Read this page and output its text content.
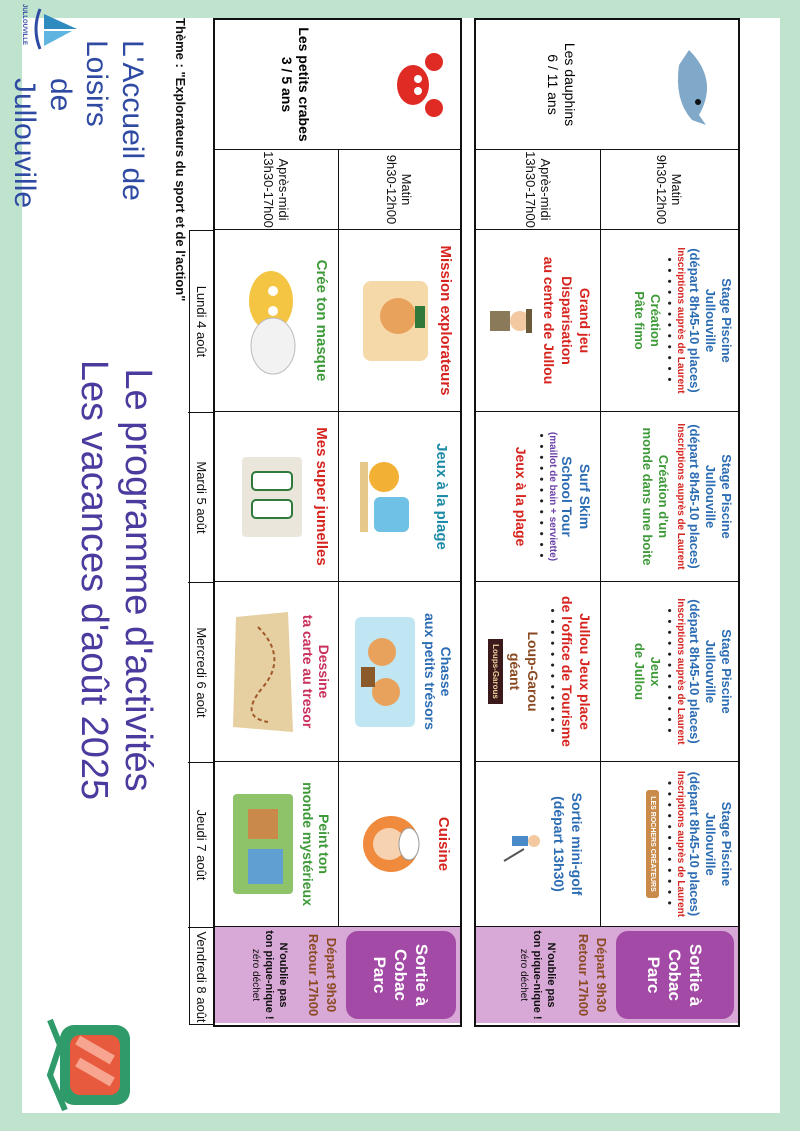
L'Accueil de Loisirs
de Jullouville
JULLOUVILLE
Le programme d'activités
Les vacances d'août 2025
Thème : "Explorateurs du sport et de l'action"
Lundi 4 août
Mardi 5 août
Mercredi 6 août
Jeudi 7 août
Vendredi 8 août
Les petits crabes
3 / 5 ans
Matin
9h30-12h00
Après-midi
13h30-17h00
Mission explorateurs
Jeux à la plage
Chasse
aux petits trésors
Cuisine
Crée ton masque
Mes super jumelles
Dessine
ta carte au tresor
Peint ton
monde mystérieux
Sortie à
Cobac Parc
Départ 9h30
Retour 17h00
N'oublie pas
ton pique-nique !
zéro déchet
Les dauphins
6 / 11 ans
Matin
9h30-12h00
Après-midi
13h30-17h00
Stage Piscine
Jullouville
(départ 8h45-10 places)
Inscriptions auprès de Laurent
• • • • • • • • • • • •
Création
Pâte fimo
Stage Piscine
Jullouville
(départ 8h45-10 places)
Inscriptions auprès de Laurent
Création d'un
monde dans une boite
Stage Piscine
Jullouville
(départ 8h45-10 places)
Inscriptions auprès de Laurent
• • • • • • • • • • • •
Jeux
de Jullou
Stage Piscine
Jullouville
(départ 8h45-10 places)
Inscriptions auprès de Laurent
• • • • • • • • • • • •
LES ROCHERS CRÉATEURS
Grand jeu
Disparisation
au centre de Jullou
Surf Skim
School Tour
(maillot de bain + serviette)
• • • • • • • • • • • •
Jeux à la plage
Jullou Jeux place
de l'office de Tourisme
• • • • • • • • • • • •
Loup-Garou
géant
Loups-Garous
Sortie mini-golf
(départ 13h30)
Sortie à
Cobac Parc
Départ 9h30
Retour 17h00
N'oublie pas
ton pique-nique !
zéro déchet
